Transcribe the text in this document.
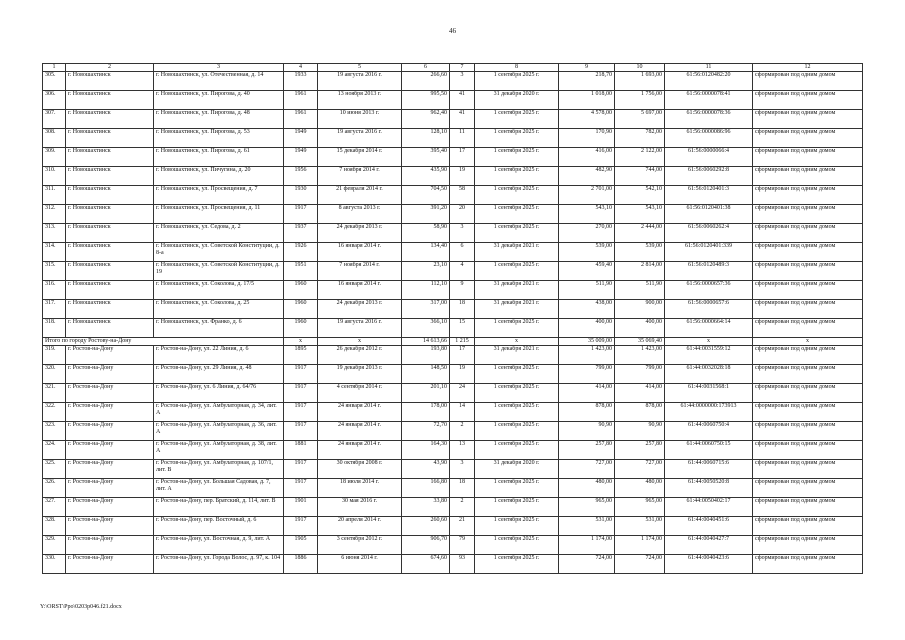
46
1	2	3	4	5	6	7	8	9	10	11	12
305.	г. Новошахтинск	г. Новошахтинск, ул. Отечественная, д. 14	1933	19 августа 2016 г.	266,60	3	1 сентября 2025 г.	218,70	1 693,00	61:56:0120482:20	сформирован под одним домом
306.	г. Новошахтинск	г. Новошахтинск, ул. Пирогова, д. 40	1961	13 ноября 2013 г.	995,50	41	31 декабря 2020 г.	1 018,00	1 756,00	61:56:0000078:41	сформирован под одним домом
307.	г. Новошахтинск	г. Новошахтинск, ул. Пирогова, д. 48	1961	10 июня 2013 г.	962,40	41	1 сентября 2025 г.	4 578,00	5 697,00	61:56:0000078:36	сформирован под одним домом
308.	г. Новошахтинск	г. Новошахтинск, ул. Пирогова, д. 53	1949	19 августа 2016 г.	128,10	11	1 сентября 2025 г.	170,90	782,00	61:56:0000086:96	сформирован под одним домом
309.	г. Новошахтинск	г. Новошахтинск, ул. Пирогова, д. 61	1949	15 декабря 2014 г.	395,40	17	1 сентября 2025 г.	416,00	2 122,00	61:56:0000066:4	сформирован под одним домом
310.	г. Новошахтинск	г. Новошахтинск, ул. Пичугина, д. 20	1956	7 ноября 2014 г.	435,90	19	1 сентября 2025 г.	482,90	744,00	61:56:0060292:8	сформирован под одним домом
311.	г. Новошахтинск	г. Новошахтинск, ул. Просвещения, д. 7	1930	21 февраля 2014 г.	704,50	58	1 сентября 2025 г.	2 701,00	542,10	61:56:0120401:3	сформирован под одним домом
312.	г. Новошахтинск	г. Новошахтинск, ул. Просвещения, д. 11	1917	8 августа 2013 г.	391,20	20	1 сентября 2025 г.	543,10	543,10	61:56:0120401:38	сформирован под одним домом
313.	г. Новошахтинск	г. Новошахтинск, ул. Седова, д. 2	1937	24 декабря 2013 г.	58,90	3	1 сентября 2025 г.	270,00	2 444,00	61:56:0060262:4	сформирован под одним домом
314.	г. Новошахтинск	г. Новошахтинск, ул. Советской Конституции, д. 8-а	1926	16 января 2014 г.	134,40	6	31 декабря 2021 г.	539,00	539,00	61:56:0120401:339	сформирован под одним домом
315.	г. Новошахтинск	г. Новошахтинск, ул. Советской Конституции, д. 19	1951	7 ноября 2014 г.	23,10	4	1 сентября 2025 г.	459,40	2 814,00	61:56:0120489:3	сформирован под одним домом
316.	г. Новошахтинск	г. Новошахтинск, ул. Соколова, д. 17/5	1960	16 января 2014 г.	112,10	9	31 декабря 2021 г.	511,90	511,90	61:56:0000657:36	сформирован под одним домом
317.	г. Новошахтинск	г. Новошахтинск, ул. Соколова, д. 25	1960	24 декабря 2013 г.	317,00	18	31 декабря 2021 г.	438,00	900,00	61:56:0000657:6	сформирован под одним домом
318.	г. Новошахтинск	г. Новошахтинск, ул. Франко, д. 6	1960	19 августа 2016 г.	366,10	15	1 сентября 2025 г.	400,00	400,00	61:56:0000664:14	сформирован под одним домом
Итого по городу Ростову-на-Дону			x	x	14 613,66	1 215	x	35 009,00	35 069,40	x	x
319.	г. Ростов-на-Дону	г. Ростов-на-Дону, ул. 22 Линия, д. 6	1895	26 декабря 2012 г.	193,80	17	31 декабря 2021 г.	1 423,00	1 423,00	61:44:0031559:12	сформирован под одним домом
320.	г. Ростов-на-Дону	г. Ростов-на-Дону, ул. 29 Линия, д. 48	1917	19 декабря 2013 г.	148,50	19	1 сентября 2025 г.	799,00	799,00	61:44:0032028:18	сформирован под одним домом
321.	г. Ростов-на-Дону	г. Ростов-на-Дону, ул. 6 Линия, д. 64/76	1917	4 сентября 2014 г.	201,10	24	1 сентября 2025 г.	414,00	414,00	61:44:0031568:1	сформирован под одним домом
322.	г. Ростов-на-Дону	г. Ростов-на-Дону, ул. Амбулаторная, д. 34, лит. А	1917	24 января 2014 г.	178,00	14	1 сентября 2025 г.	878,00	878,00	61:44:0000000:173913	сформирован под одним домом
323.	г. Ростов-на-Дону	г. Ростов-на-Дону, ул. Амбулаторная, д. 36, лит. А	1917	24 января 2014 г.	72,70	2	1 сентября 2025 г.	90,90	90,90	61:44:0060750:4	сформирован под одним домом
324.	г. Ростов-на-Дону	г. Ростов-на-Дону, ул. Амбулаторная, д. 38, лит. А	1881	24 января 2014 г.	164,30	13	1 сентября 2025 г.	257,80	257,80	61:44:0060750:15	сформирован под одним домом
325.	г. Ростов-на-Дону	г. Ростов-на-Дону, ул. Амбулаторная, д. 107/1, лит. В	1917	30 октября 2008 г.	43,90	3	31 декабря 2020 г.	727,00	727,00	61:44:0060715:6	сформирован под одним домом
326.	г. Ростов-на-Дону	г. Ростов-на-Дону, ул. Большая Садовая, д. 7, лит. А	1917	18 июля 2014 г.	166,80	18	1 сентября 2025 г.	480,00	480,00	61:44:0050520:8	сформирован под одним домом
327.	г. Ростов-на-Дону	г. Ростов-на-Дону, пер. Братский, д. 114, лит. В	1901	30 мая 2016 г.	33,80	2	1 сентября 2025 г.	965,00	965,00	61:44:0050402:17	сформирован под одним домом
328.	г. Ростов-на-Дону	г. Ростов-на-Дону, пер. Восточный, д. 6	1917	20 апреля 2014 г.	260,60	21	1 сентября 2025 г.	531,00	531,00	61:44:0040451:6	сформирован под одним домом
329.	г. Ростов-на-Дону	г. Ростов-на-Дону, ул. Восточная, д. 9, лит. А	1905	3 сентября 2012 г.	906,70	79	1 сентября 2025 г.	1 174,00	1 174,00	61:44:0040427:7	сформирован под одним домом
330.	г. Ростов-на-Дону	г. Ростов-на-Дону, ул. Города Волос, д. 97, к. 104	1886	6 июня 2014 г.	674,60	93	1 сентября 2025 г.	724,00	724,00	61:44:0040423:6	сформирован под одним домом
Y:\ORST\Ppo\0203p046.f21.docx
